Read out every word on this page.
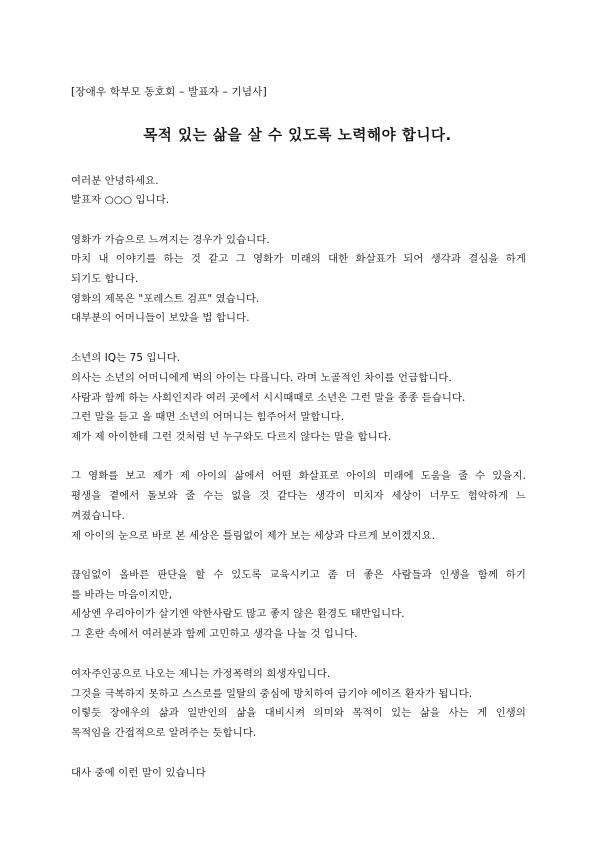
[장애우 학부모 동호회 – 발표자 – 기념사]
목적 있는 삶을 살 수 있도록 노력해야 합니다.
여러분 안녕하세요.
발표자 ○○○ 입니다.
영화가 가슴으로 느껴지는 경우가 있습니다.
마치 내 이야기를 하는 것 같고 그 영화가 미래의 대한 화살표가 되어 생각과 결심을 하게
되기도 합니다.
영화의 제목은 "포레스트 검프" 였습니다.
대부분의 어머니들이 보았을 법 합니다.
소년의 IQ는 75 입니다.
의사는 소년의 어머니에게 벅의 아이는 다릅니다. 라며 노골적인 차이를 언급합니다.
사람과 함께 하는 사회인지라 여러 곳에서 시시때때로 소년은 그런 말을 종종 듣습니다.
그런 말을 듣고 올 때면 소년의 어머니는 힘주어서 말합니다.
제가 제 아이한테 그런 것처럼 넌 누구와도 다르지 않다는 말을 합니다.
그 영화를 보고 제가 제 아이의 삶에서 어떤 화살표로 아이의 미래에 도움을 줄 수 있을지.
평생을 곁에서 돌보와 줄 수는 없을 것 같다는 생각이 미치자 세상이 너무도 험악하게 느
껴졌습니다.
제 아이의 눈으로 바로 본 세상은 틀림없이 제가 보는 세상과 다르게 보이겠지요.
끊임없이 올바른 판단을 할 수 있도록 교육시키고 좀 더 좋은 사람들과 인생을 함께 하기
를 바라는 마음이지만,
세상엔 우리아이가 살기엔 악한사람도 많고 좋지 않은 환경도 태반입니다.
그 혼란 속에서 여러분과 함께 고민하고 생각을 나눌 것 입니다.
여자주인공으로 나오는 제니는 가정폭력의 희생자입니다.
그것을 극복하지 못하고 스스로를 일탈의 중심에 방치하여 급기야 에이즈 환자가 됩니다.
이렇듯 장애우의 삶과 일반인의 삶을 대비시켜 의미와 목적이 있는 삶을 사는 게 인생의
목적임을 간접적으로 알려주는 듯합니다.
대사 중에 이런 말이 있습니다
